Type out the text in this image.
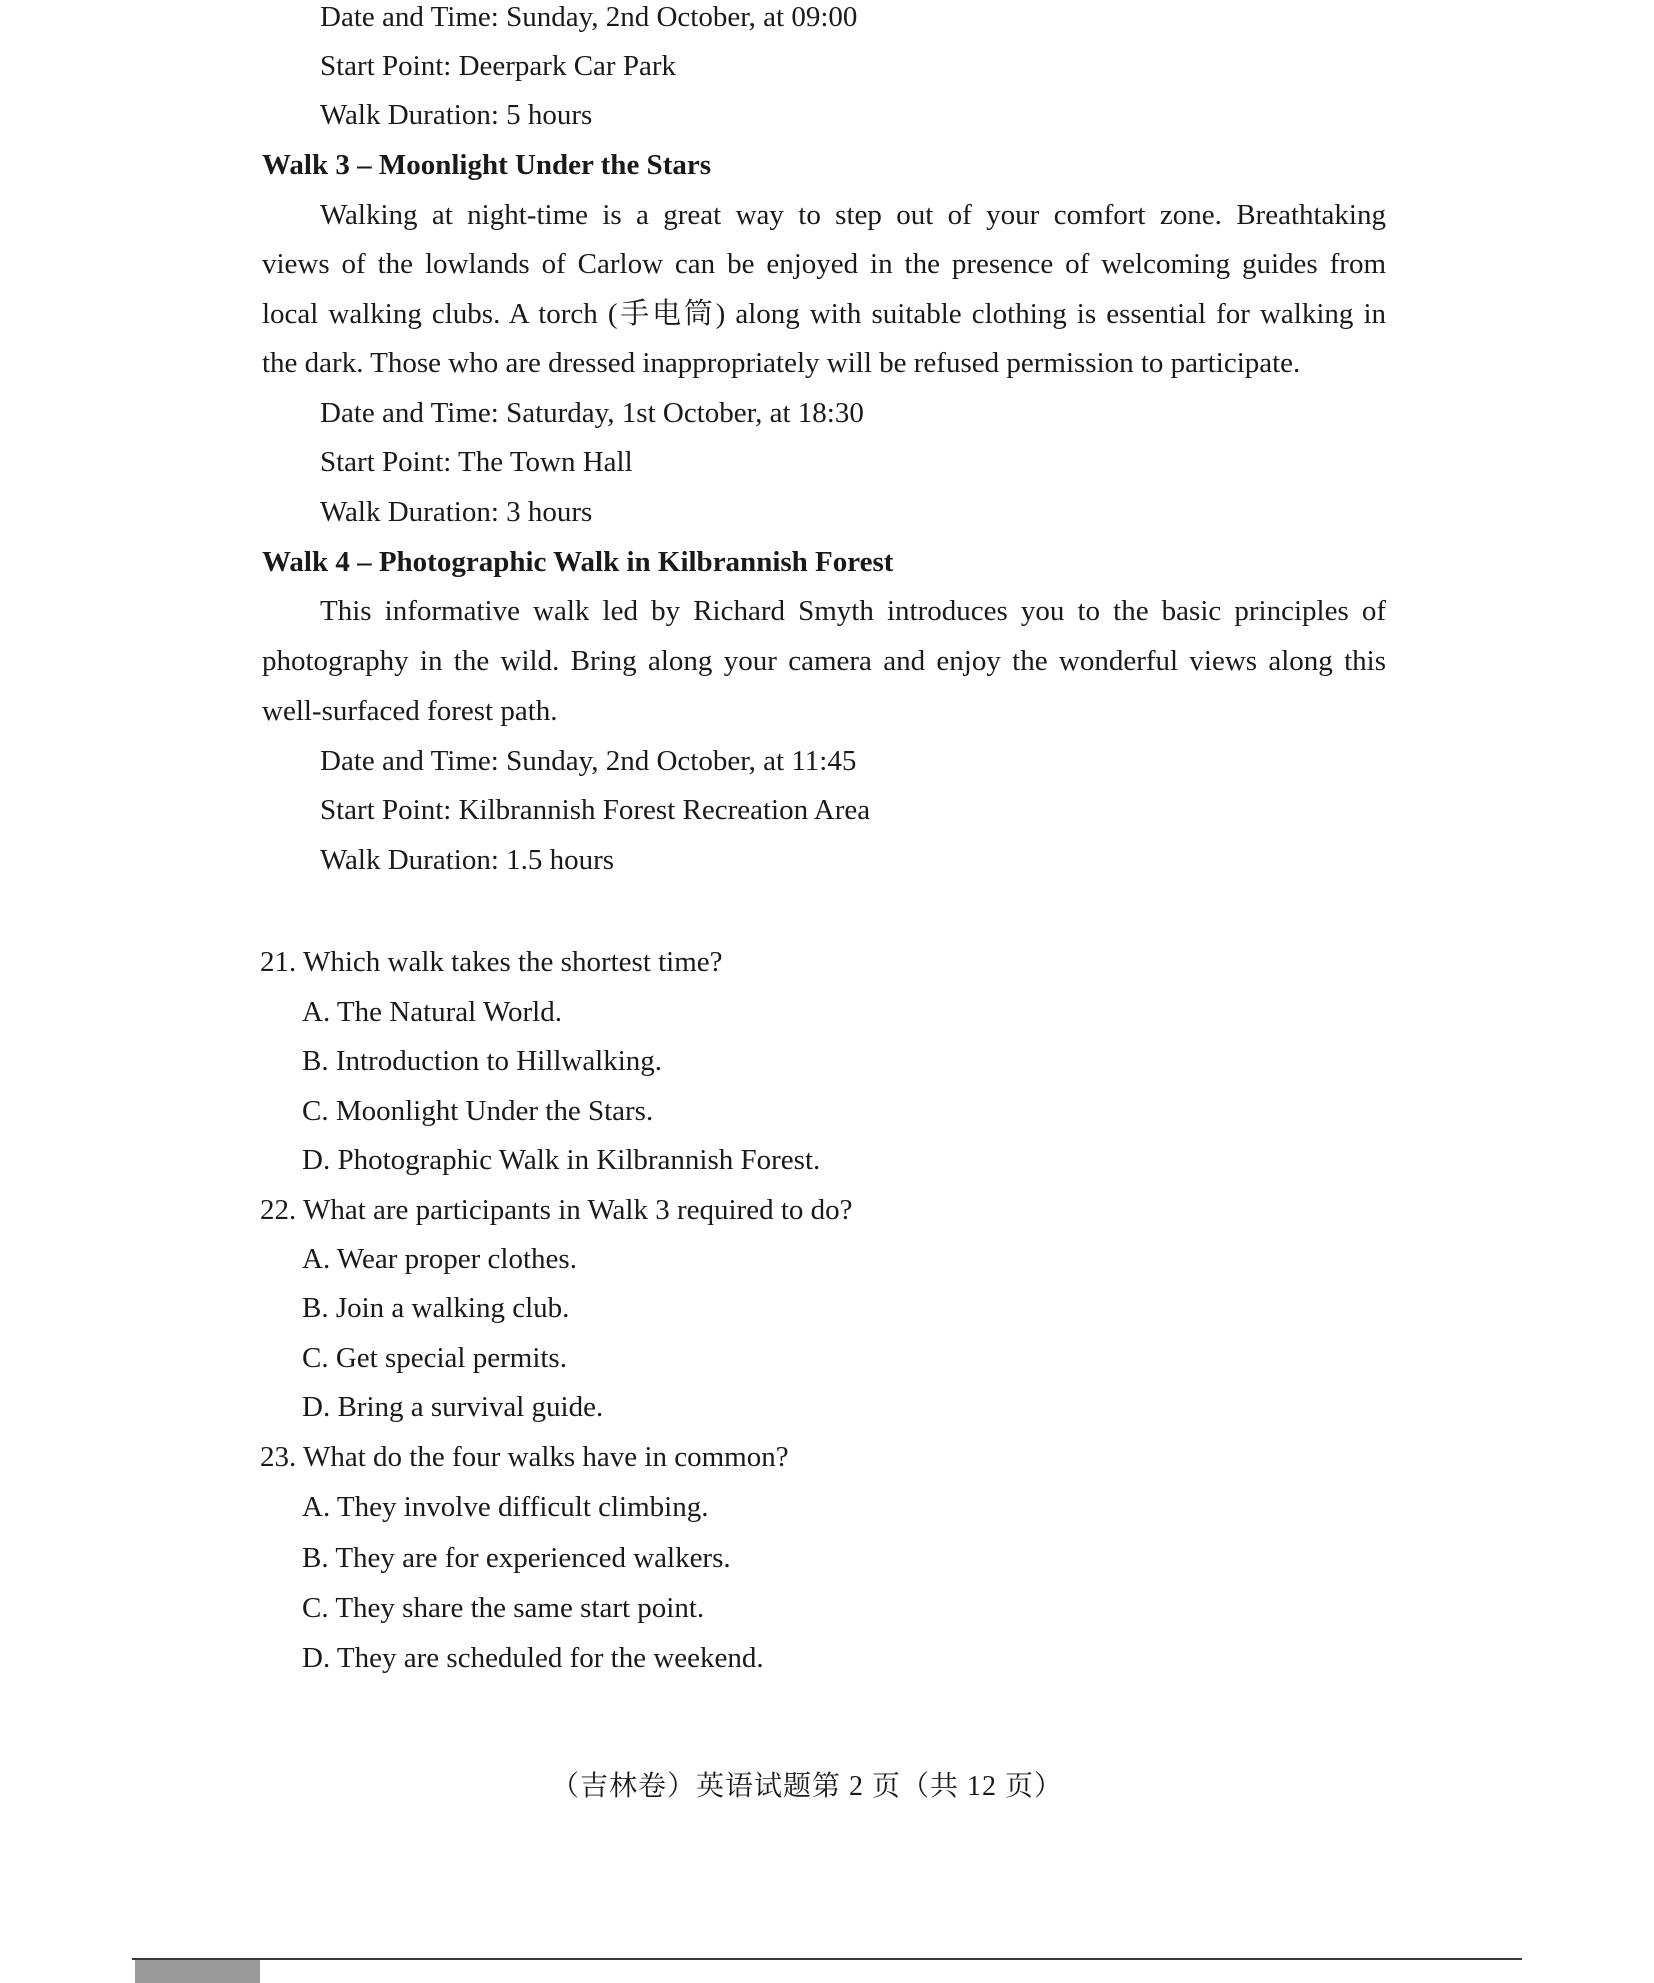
Date and Time: Sunday, 2nd October, at 09:00
Start Point: Deerpark Car Park
Walk Duration: 5 hours
Walk 3 – Moonlight Under the Stars
Walking at night-time is a great way to step out of your comfort zone. Breathtaking
views of the lowlands of Carlow can be enjoyed in the presence of welcoming guides from
local walking clubs. A torch (手电筒) along with suitable clothing is essential for walking in
the dark. Those who are dressed inappropriately will be refused permission to participate.
Date and Time: Saturday, 1st October, at 18:30
Start Point: The Town Hall
Walk Duration: 3 hours
Walk 4 – Photographic Walk in Kilbrannish Forest
This informative walk led by Richard Smyth introduces you to the basic principles of
photography in the wild. Bring along your camera and enjoy the wonderful views along this
well-surfaced forest path.
Date and Time: Sunday, 2nd October, at 11:45
Start Point: Kilbrannish Forest Recreation Area
Walk Duration: 1.5 hours
21. Which walk takes the shortest time?
A. The Natural World.
B. Introduction to Hillwalking.
C. Moonlight Under the Stars.
D. Photographic Walk in Kilbrannish Forest.
22. What are participants in Walk 3 required to do?
A. Wear proper clothes.
B. Join a walking club.
C. Get special permits.
D. Bring a survival guide.
23. What do the four walks have in common?
A. They involve difficult climbing.
B. They are for experienced walkers.
C. They share the same start point.
D. They are scheduled for the weekend.
（吉林卷）英语试题第 2 页（共 12 页）
